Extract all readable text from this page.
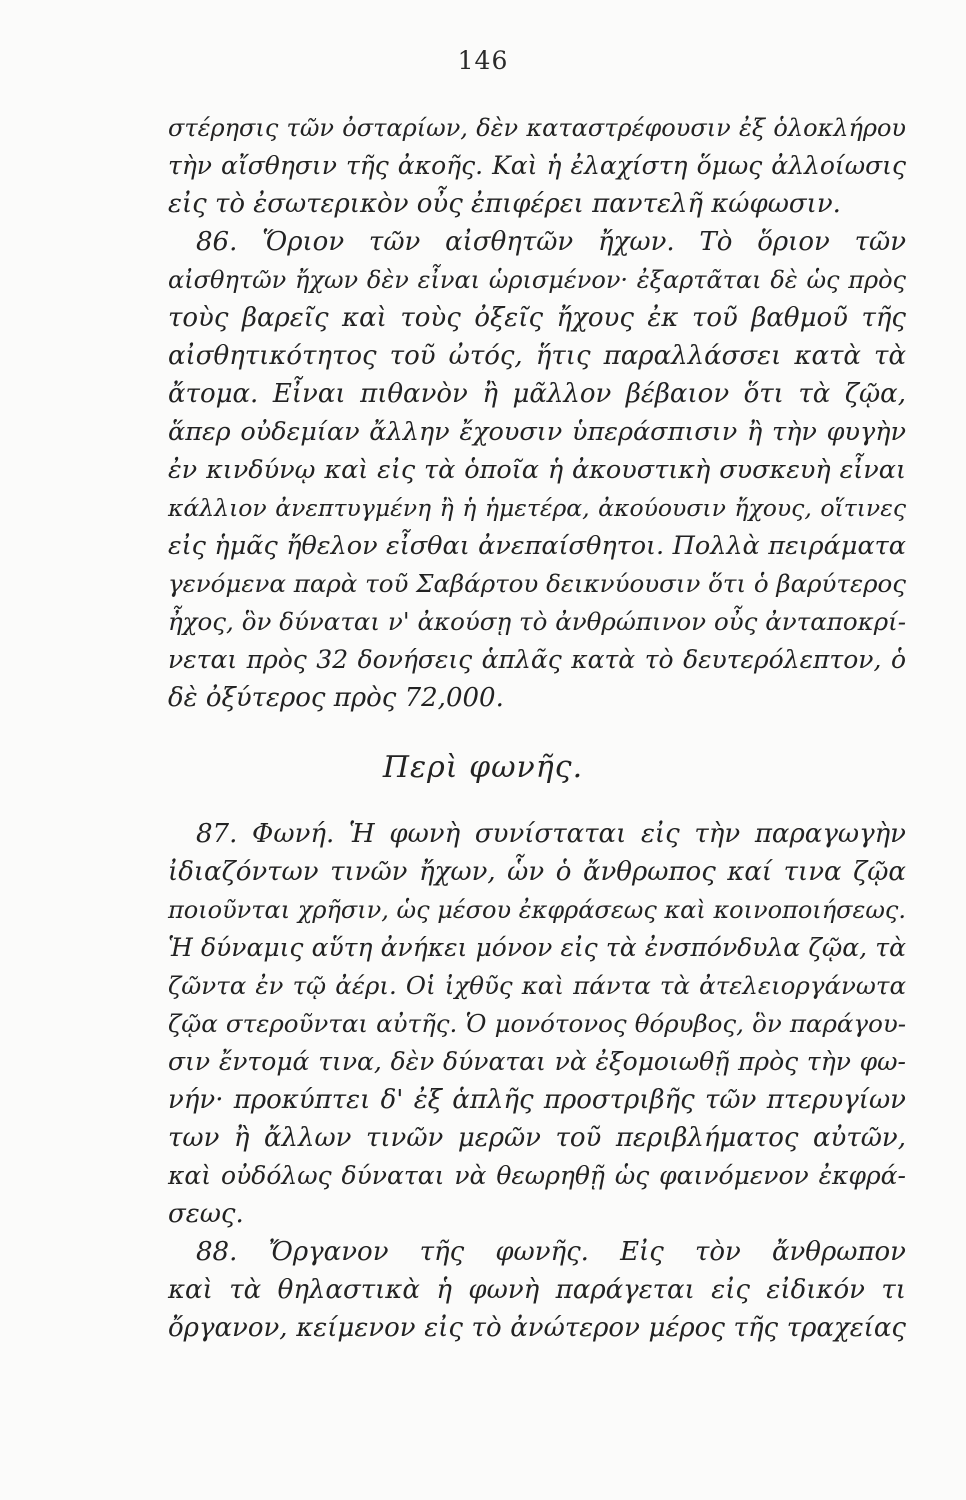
146
στέρησις τῶν ὀσταρίων, δὲν καταστρέφουσιν ἐξ ὁλοκλήρου
τὴν αἴσθησιν τῆς ἀκοῆς. Καὶ ἡ ἐλαχίστη ὅμως ἀλλοίωσις
εἰς τὸ ἐσωτερικὸν οὖς ἐπιφέρει παντελῆ κώφωσιν.
86. Ὅριον τῶν αἰσθητῶν ἤχων. Τὸ ὅριον τῶν
αἰσθητῶν ἤχων δὲν εἶναι ὡρισμένον· ἐξαρτᾶται δὲ ὡς πρὸς
τοὺς βαρεῖς καὶ τοὺς ὀξεῖς ἤχους ἐκ τοῦ βαθμοῦ τῆς
αἰσθητικότητος τοῦ ὠτός, ἥτις παραλλάσσει κατὰ τὰ
ἄτομα. Εἶναι πιθανὸν ἢ μᾶλλον βέβαιον ὅτι τὰ ζῷα,
ἅπερ οὐδεμίαν ἄλλην ἔχουσιν ὑπεράσπισιν ἢ τὴν φυγὴν
ἐν κινδύνῳ καὶ εἰς τὰ ὁποῖα ἡ ἀκουστικὴ συσκευὴ εἶναι
κάλλιον ἀνεπτυγμένη ἢ ἡ ἡμετέρα, ἀκούουσιν ἤχους, οἵτινες
εἰς ἡμᾶς ἤθελον εἶσθαι ἀνεπαίσθητοι. Πολλὰ πειράματα
γενόμενα παρὰ τοῦ Σαβάρτου δεικνύουσιν ὅτι ὁ βαρύτερος
ἦχος, ὃν δύναται ν' ἀκούσῃ τὸ ἀνθρώπινον οὖς ἀνταποκρί-
νεται πρὸς 32 δονήσεις ἁπλᾶς κατὰ τὸ δευτερόλεπτον, ὁ
δὲ ὀξύτερος πρὸς 72,000.
Περὶ φωνῆς.
87. Φωνή. Ἡ φωνὴ συνίσταται εἰς τὴν παραγωγὴν
ἰδιαζόντων τινῶν ἤχων, ὧν ὁ ἄνθρωπος καί τινα ζῷα
ποιοῦνται χρῆσιν, ὡς μέσου ἐκφράσεως καὶ κοινοποιήσεως.
Ἡ δύναμις αὕτη ἀνήκει μόνον εἰς τὰ ἐνσπόνδυλα ζῷα, τὰ
ζῶντα ἐν τῷ ἀέρι. Οἱ ἰχθῦς καὶ πάντα τὰ ἀτελειοργάνωτα
ζῷα στεροῦνται αὐτῆς. Ὁ μονότονος θόρυβος, ὃν παράγου-
σιν ἔντομά τινα, δὲν δύναται νὰ ἐξομοιωθῇ πρὸς τὴν φω-
νήν· προκύπτει δ' ἐξ ἁπλῆς προστριβῆς τῶν πτερυγίων
των ἢ ἄλλων τινῶν μερῶν τοῦ περιβλήματος αὐτῶν,
καὶ οὐδόλως δύναται νὰ θεωρηθῇ ὡς φαινόμενον ἐκφρά-
σεως.
88. Ὄργανον τῆς φωνῆς. Εἰς τὸν ἄνθρωπον
καὶ τὰ θηλαστικὰ ἡ φωνὴ παράγεται εἰς εἰδικόν τι
ὄργανον, κείμενον εἰς τὸ ἀνώτερον μέρος τῆς τραχείας
